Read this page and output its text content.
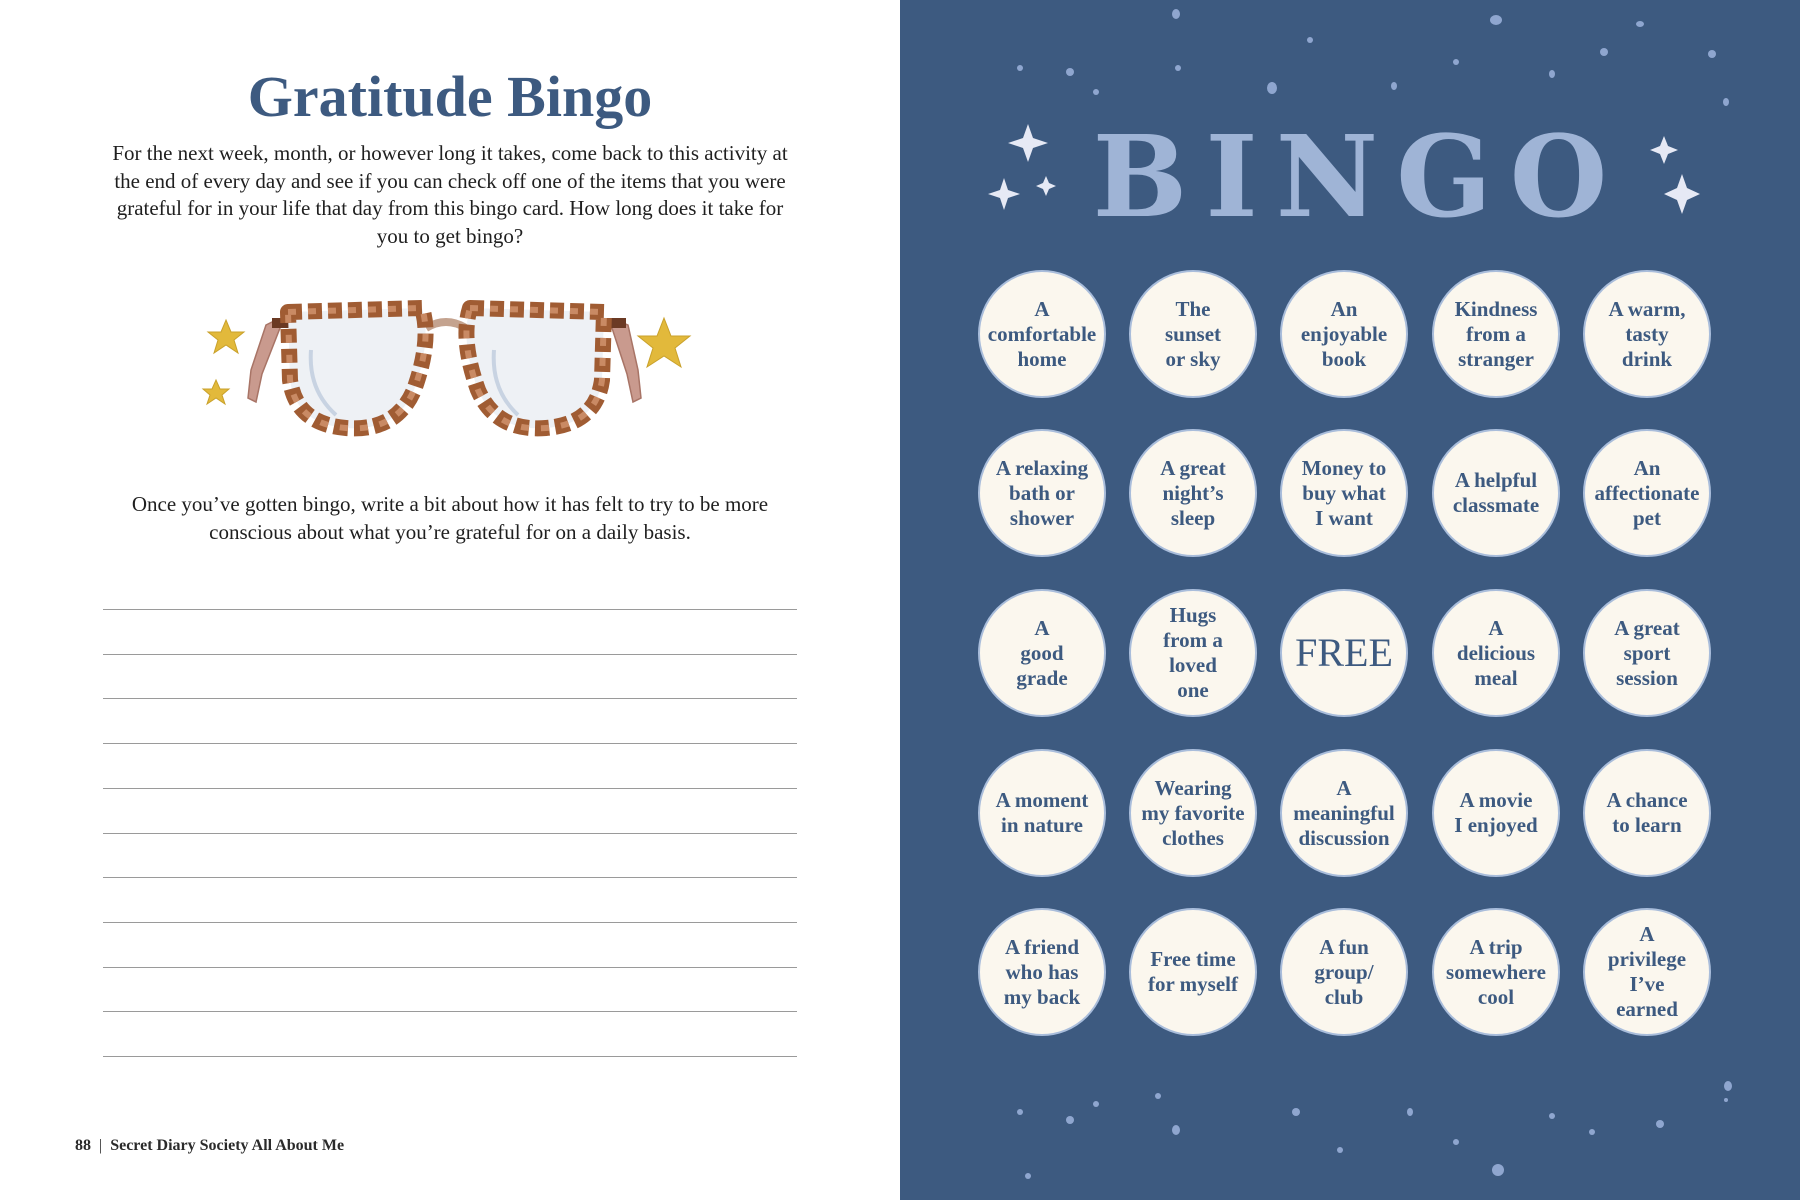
Gratitude Bingo

For the next week, month, or however long it takes, come back to this activity at the end of every day and see if you can check off one of the items that you were grateful for in your life that day from this bingo card. How long does it take for you to get bingo?

Once you’ve gotten bingo, write a bit about how it has felt to try to be more conscious about what you’re grateful for on a daily basis.

88 | Secret Diary Society All About Me
BINGO
A
comfortable
home
The
sunset
or sky
An
enjoyable
book
Kindness
from a
stranger
A warm,
tasty
drink
A relaxing
bath or
shower
A great
night’s
sleep
Money to
buy what
I want
A helpful
classmate
An
affectionate
pet
A
good
grade
Hugs
from a
loved
one
FREE
A
delicious
meal
A great
sport
session
A moment
in nature
Wearing
my favorite
clothes
A
meaningful
discussion
A movie
I enjoyed
A chance
to learn
A friend
who has
my back
Free time
for myself
A fun
group/
club
A trip
somewhere
cool
A
privilege
I’ve
earned
